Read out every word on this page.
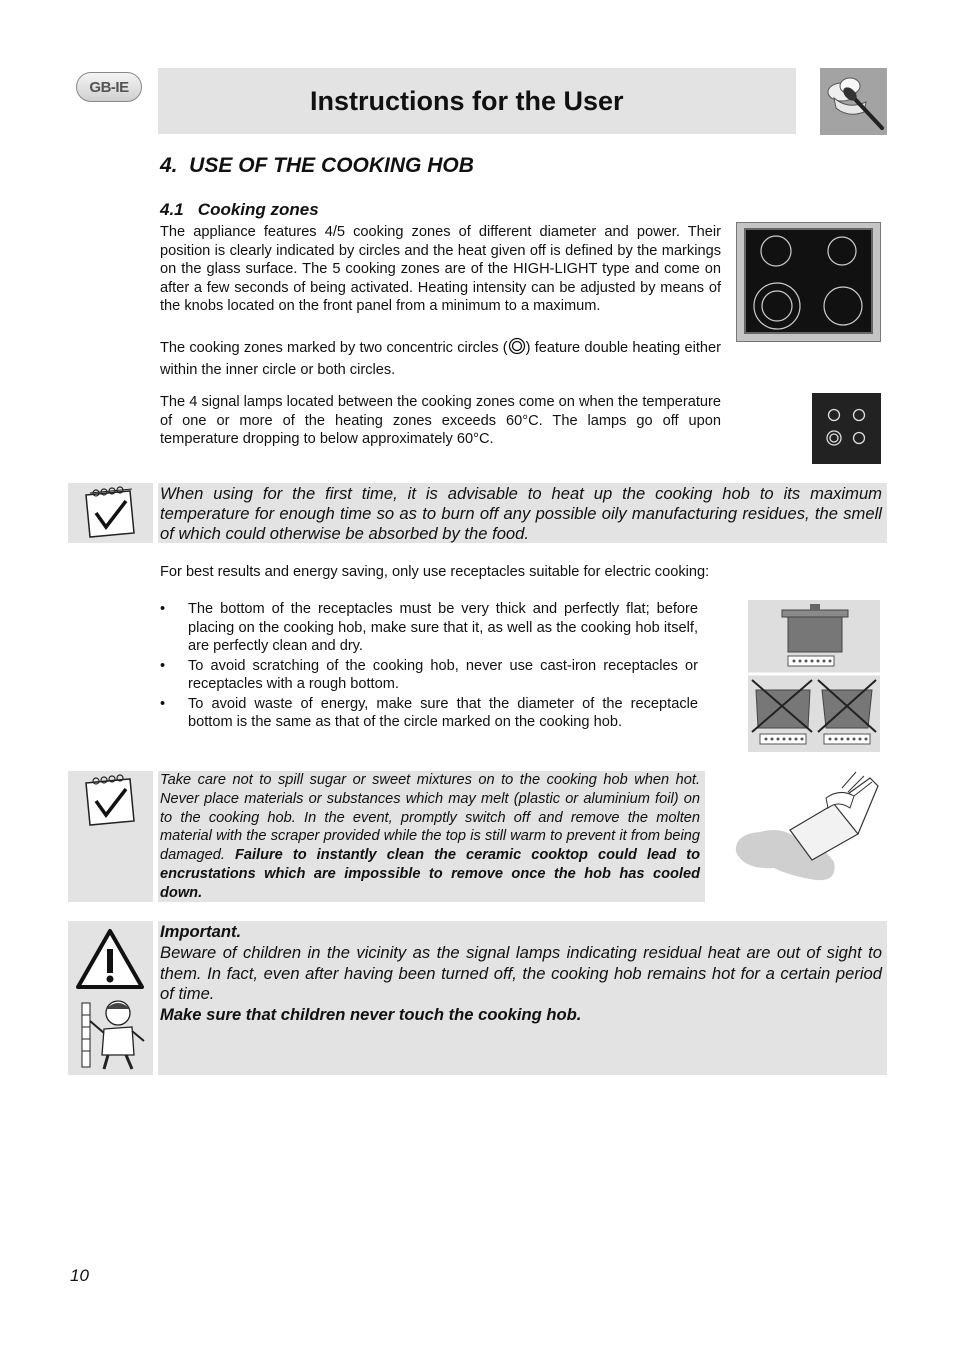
GB-IE	Instructions for the User
4.  USE OF THE COOKING HOB
4.1   Cooking zones
The appliance features 4/5 cooking zones of different diameter and power. Their position is clearly indicated by circles and the heat given off is defined by the markings on the glass surface. The 5 cooking zones are of the HIGH-LIGHT type and come on after a few seconds of being activated. Heating intensity can be adjusted by means of the knobs located on the front panel from a minimum to a maximum.
The cooking zones marked by two concentric circles ( ) feature double heating either within the inner circle or both circles.
The 4 signal lamps located between the cooking zones come on when the temperature of one or more of the heating zones exceeds 60°C. The lamps go off upon temperature dropping to below approximately 60°C.
When using for the first time, it is advisable to heat up the cooking hob to its maximum temperature for enough time so as to burn off any possible oily manufacturing residues, the smell of which could otherwise be absorbed by the food.
For best results and energy saving, only use receptacles suitable for electric cooking:
• The bottom of the receptacles must be very thick and perfectly flat; before placing on the cooking hob, make sure that it, as well as the cooking hob itself, are perfectly clean and dry.
• To avoid scratching of the cooking hob, never use cast-iron receptacles or receptacles with a rough bottom.
• To avoid waste of energy, make sure that the diameter of the receptacle bottom is the same as that of the circle marked on the cooking hob.
Take care not to spill sugar or sweet mixtures on to the cooking hob when hot. Never place materials or substances which may melt (plastic or aluminium foil) on to the cooking hob. In the event, promptly switch off and remove the molten material with the scraper provided while the top is still warm to prevent it from being damaged. Failure to instantly clean the ceramic cooktop could lead to encrustations which are impossible to remove once the hob has cooled down.
Important.
Beware of children in the vicinity as the signal lamps indicating residual heat are out of sight to them. In fact, even after having been turned off, the cooking hob remains hot for a certain period of time.
Make sure that children never touch the cooking hob.
10
